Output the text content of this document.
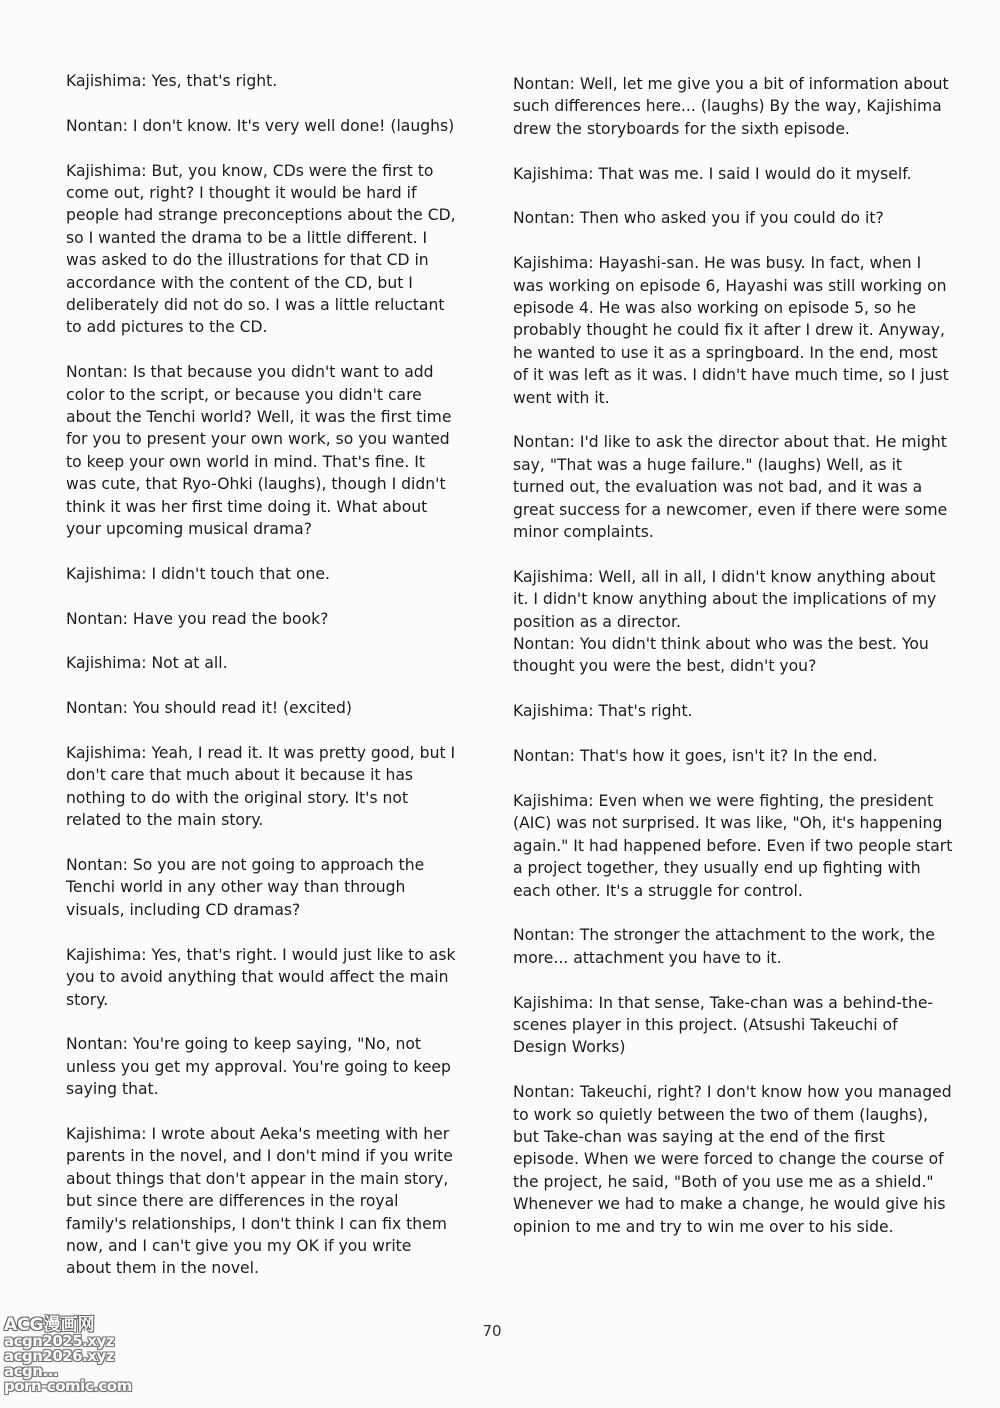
Kajishima: Yes, that's right.

Nontan: I don't know. It's very well done! (laughs)

Kajishima: But, you know, CDs were the first to come out, right? I thought it would be hard if people had strange preconceptions about the CD, so I wanted the drama to be a little different. I was asked to do the illustrations for that CD in accordance with the content of the CD, but I deliberately did not do so. I was a little reluctant to add pictures to the CD.

Nontan: Is that because you didn't want to add color to the script, or because you didn't care about the Tenchi world? Well, it was the first time for you to present your own work, so you wanted to keep your own world in mind. That's fine. It was cute, that Ryo-Ohki (laughs), though I didn't think it was her first time doing it. What about your upcoming musical drama?

Kajishima: I didn't touch that one.

Nontan: Have you read the book?

Kajishima: Not at all.

Nontan: You should read it! (excited)

Kajishima: Yeah, I read it. It was pretty good, but I don't care that much about it because it has nothing to do with the original story. It's not related to the main story.

Nontan: So you are not going to approach the Tenchi world in any other way than through visuals, including CD dramas?

Kajishima: Yes, that's right. I would just like to ask you to avoid anything that would affect the main story.

Nontan: You're going to keep saying, "No, not unless you get my approval. You're going to keep saying that.

Kajishima: I wrote about Aeka's meeting with her parents in the novel, and I don't mind if you write about things that don't appear in the main story, but since there are differences in the royal family's relationships, I don't think I can fix them now, and I can't give you my OK if you write about them in the novel.

Nontan: Well, let me give you a bit of information about such differences here... (laughs) By the way, Kajishima drew the storyboards for the sixth episode.

Kajishima: That was me. I said I would do it myself.

Nontan: Then who asked you if you could do it?

Kajishima: Hayashi-san. He was busy. In fact, when I was working on episode 6, Hayashi was still working on episode 4. He was also working on episode 5, so he probably thought he could fix it after I drew it. Anyway, he wanted to use it as a springboard. In the end, most of it was left as it was. I didn't have much time, so I just went with it.

Nontan: I'd like to ask the director about that. He might say, "That was a huge failure." (laughs) Well, as it turned out, the evaluation was not bad, and it was a great success for a newcomer, even if there were some minor complaints.

Kajishima: Well, all in all, I didn't know anything about it. I didn't know anything about the implications of my position as a director.

Nontan: You didn't think about who was the best. You thought you were the best, didn't you?

Kajishima: That's right.

Nontan: That's how it goes, isn't it? In the end.

Kajishima: Even when we were fighting, the president (AIC) was not surprised. It was like, "Oh, it's happening again." It had happened before. Even if two people start a project together, they usually end up fighting with each other. It's a struggle for control.

Nontan: The stronger the attachment to the work, the more... attachment you have to it.

Kajishima: In that sense, Take-chan was a behind-the-scenes player in this project. (Atsushi Takeuchi of Design Works)

Nontan: Takeuchi, right? I don't know how you managed to work so quietly between the two of them (laughs), but Take-chan was saying at the end of the first episode. When we were forced to change the course of the project, he said, "Both of you use me as a shield." Whenever we had to make a change, he would give his opinion to me and try to win me over to his side.

70
ACG漫画网
acgn2025.xyz
acgn2026.xyz
acgn...
porn-comic.com
